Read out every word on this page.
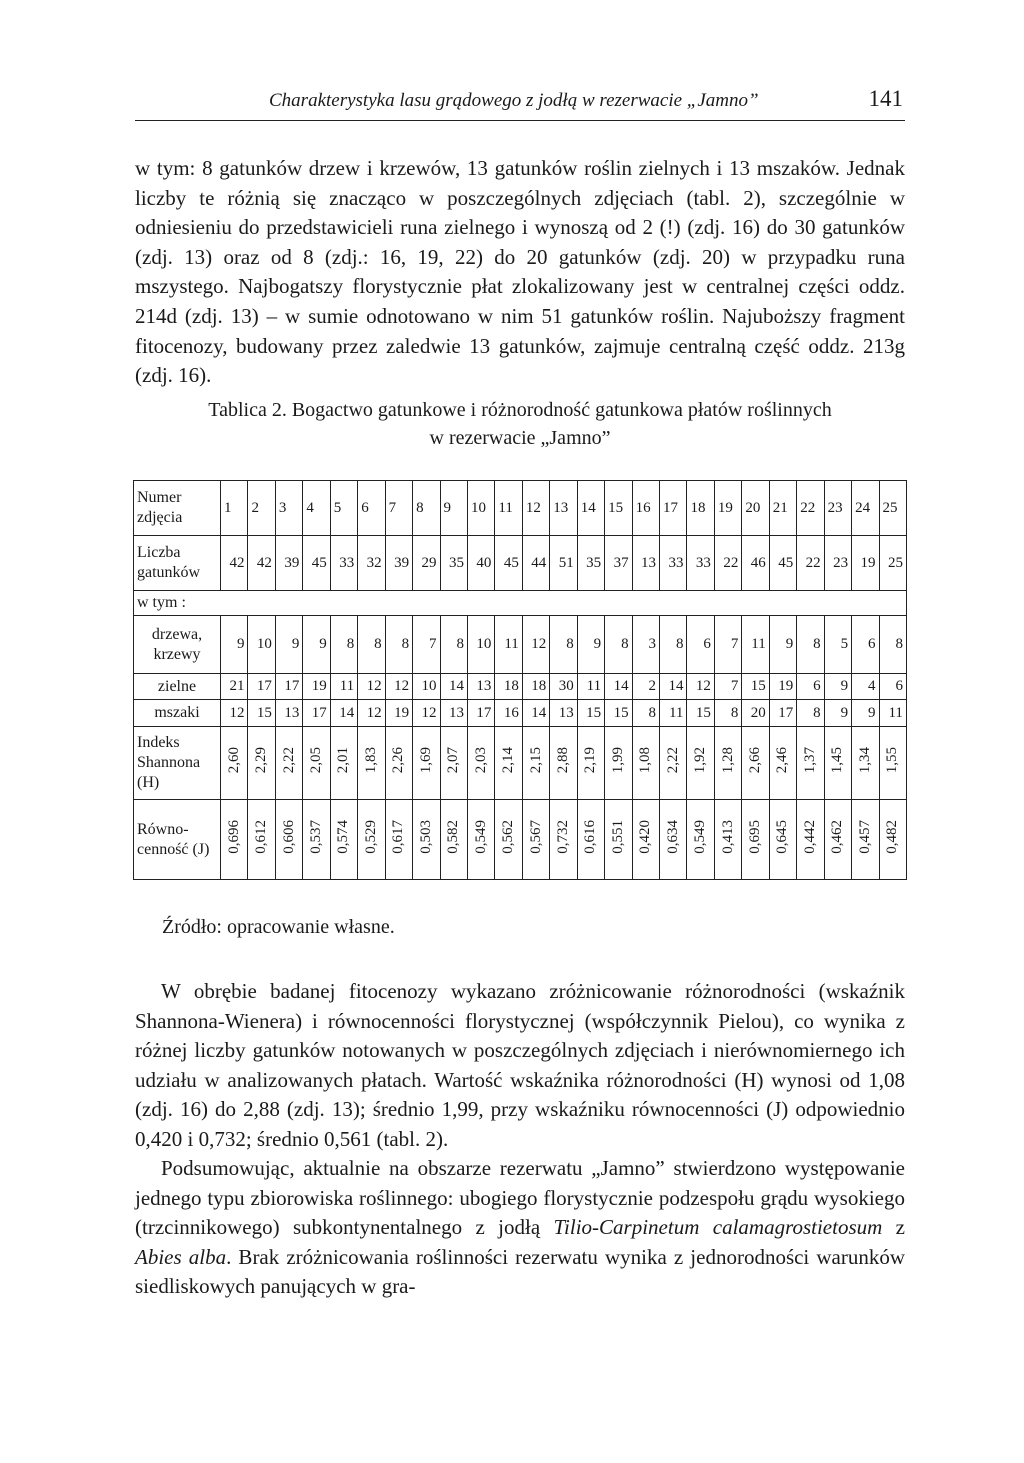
Charakterystyka lasu grądowego z jodłą w rezerwacie „Jamno”	141

w tym: 8 gatunków drzew i krzewów, 13 gatunków roślin zielnych i 13 mszaków. Jednak liczby te różnią się znacząco w poszczególnych zdjęciach (tabl. 2), szczególnie w odniesieniu do przedstawicieli runa zielnego i wynoszą od 2 (!) (zdj. 16) do 30 gatunków (zdj. 13) oraz od 8 (zdj.: 16, 19, 22) do 20 gatunków (zdj. 20) w przypadku runa mszystego. Najbogatszy florystycznie płat zlokalizowany jest w centralnej części oddz. 214d (zdj. 13) – w sumie odnotowano w nim 51 gatunków roślin. Najuboższy fragment fitocenozy, budowany przez zaledwie 13 gatunków, zajmuje centralną część oddz. 213g (zdj. 16).

Tablica 2. Bogactwo gatunkowe i różnorodność gatunkowa płatów roślinnych
w rezerwacie „Jamno”
Numer zdjęcia	1	2	3	4	5	6	7	8	9	10	11	12	13	14	15	16	17	18	19	20	21	22	23	24	25
Liczba gatunków	42	42	39	45	33	32	39	29	35	40	45	44	51	35	37	13	33	33	22	46	45	22	23	19	25
w tym :																									
drzewa, krzewy	9	10	9	9	8	8	8	7	8	10	11	12	8	9	8	3	8	6	7	11	9	8	5	6	8
zielne	21	17	17	19	11	12	12	10	14	13	18	18	30	11	14	2	14	12	7	15	19	6	9	4	6
mszaki	12	15	13	17	14	12	19	12	13	17	16	14	13	15	15	8	11	15	8	20	17	8	9	9	11
Indeks Shannona (H)	2,60	2,29	2,22	2,05	2,01	1,83	2,26	1,69	2,07	2,03	2,14	2,15	2,88	2,19	1,99	1,08	2,22	1,92	1,28	2,66	2,46	1,37	1,45	1,34	1,55
Równo-cenność (J)	0,696	0,612	0,606	0,537	0,574	0,529	0,617	0,503	0,582	0,549	0,562	0,567	0,732	0,616	0,551	0,420	0,634	0,549	0,413	0,695	0,645	0,442	0,462	0,457	0,482
Źródło: opracowanie własne.

W obrębie badanej fitocenozy wykazano zróżnicowanie różnorodności (wskaźnik Shannona-Wienera) i równocenności florystycznej (współczynnik Pielou), co wynika z różnej liczby gatunków notowanych w poszczególnych zdjęciach i nierównomiernego ich udziału w analizowanych płatach. Wartość wskaźnika różnorodności (H) wynosi od 1,08 (zdj. 16) do 2,88 (zdj. 13); średnio 1,99, przy wskaźniku równocenności (J) odpowiednio 0,420 i 0,732; średnio 0,561 (tabl. 2).

Podsumowując, aktualnie na obszarze rezerwatu „Jamno” stwierdzono występowanie jednego typu zbiorowiska roślinnego: ubogiego florystycznie podzespołu grądu wysokiego (trzcinnikowego) subkontynentalnego z jodłą Tilio-Carpinetum calamagrostietosum z Abies alba. Brak zróżnicowania roślinności rezerwatu wynika z jednorodności warunków siedliskowych panujących w gra-
